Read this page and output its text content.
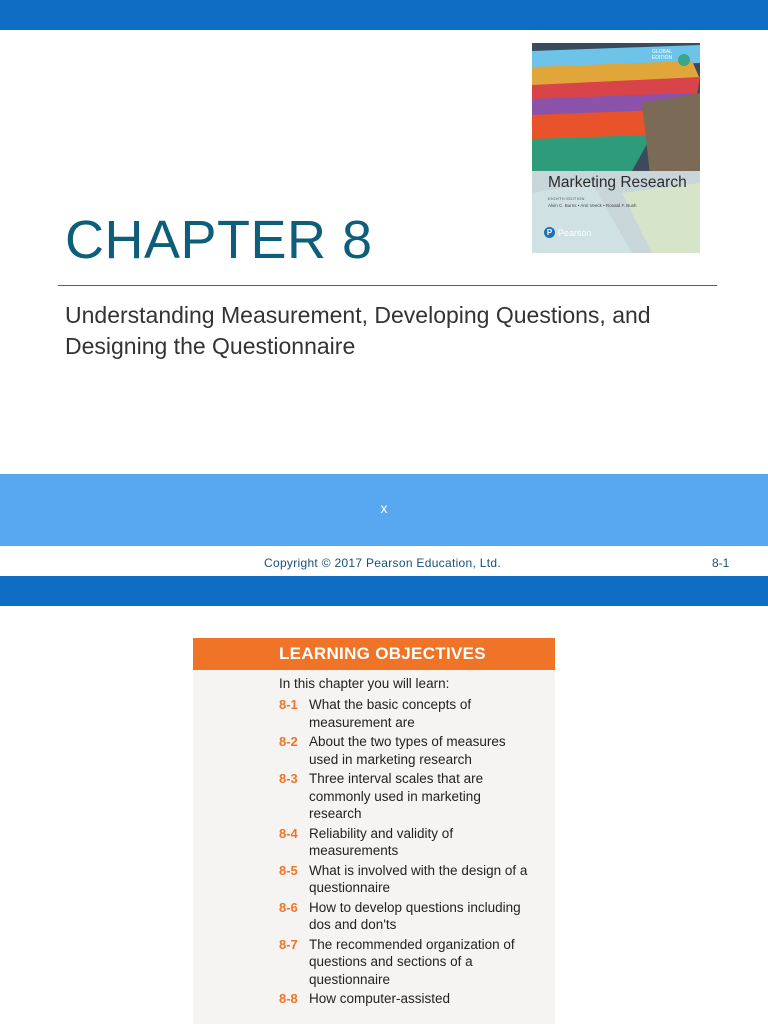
GLOBAL EDITION
Marketing Research
EIGHTH EDITION
Alvin C. Burns • Ann Veeck • Ronald F. Bush
P Pearson
CHAPTER 8
Understanding Measurement, Developing Questions, and Designing the Questionnaire
x
Copyright © 2017 Pearson Education, Ltd.	8-1
LEARNING OBJECTIVES
In this chapter you will learn:
8-1 What the basic concepts of measurement are
8-2 About the two types of measures used in marketing research
8-3 Three interval scales that are commonly used in marketing research
8-4 Reliability and validity of measurements
8-5 What is involved with the design of a questionnaire
8-6 How to develop questions including dos and don'ts
8-7 The recommended organization of questions and sections of a questionnaire
8-8 How computer-assisted
